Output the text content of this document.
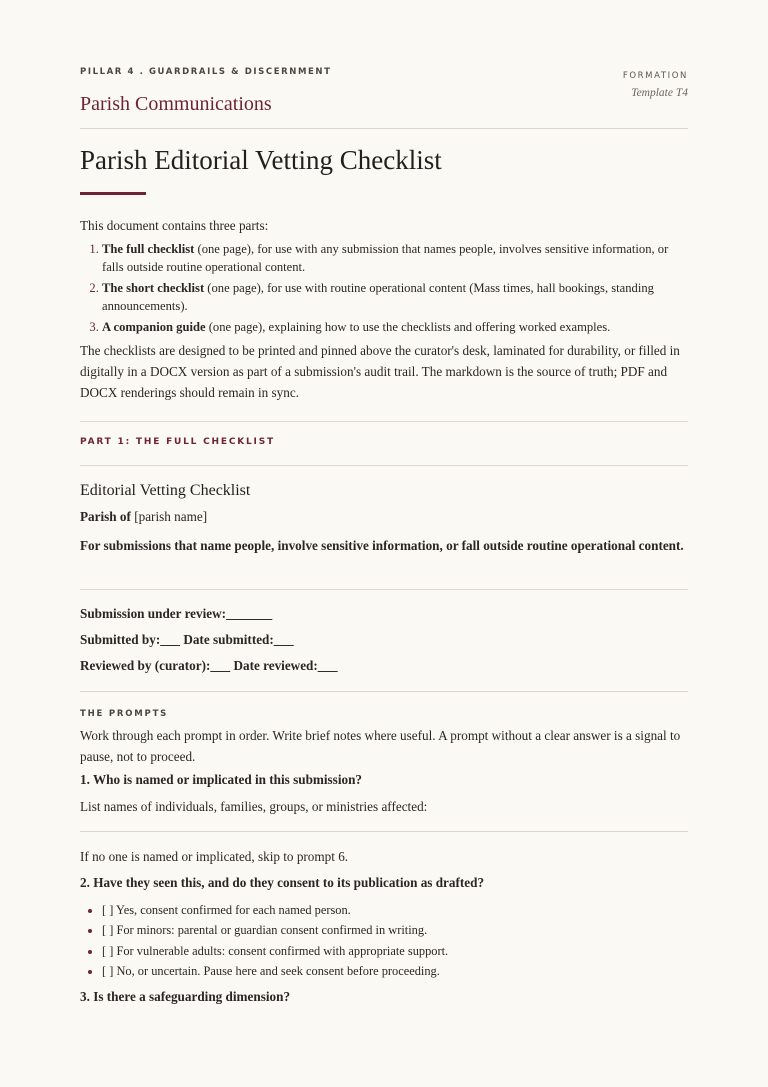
PILLAR 4 . GUARDRAILS & DISCERNMENT
Parish Communications
FORMATION
Template T4
Parish Editorial Vetting Checklist
This document contains three parts:
1. The full checklist (one page), for use with any submission that names people, involves sensitive information, or falls outside routine operational content.
2. The short checklist (one page), for use with routine operational content (Mass times, hall bookings, standing announcements).
3. A companion guide (one page), explaining how to use the checklists and offering worked examples.
The checklists are designed to be printed and pinned above the curator's desk, laminated for durability, or filled in digitally in a DOCX version as part of a submission's audit trail. The markdown is the source of truth; PDF and DOCX renderings should remain in sync.
PART 1: THE FULL CHECKLIST
Editorial Vetting Checklist
Parish of [parish name]
For submissions that name people, involve sensitive information, or fall outside routine operational content.
Submission under review:_______
Submitted by:___ Date submitted:___
Reviewed by (curator):___ Date reviewed:___
THE PROMPTS
Work through each prompt in order. Write brief notes where useful. A prompt without a clear answer is a signal to pause, not to proceed.
1. Who is named or implicated in this submission?
List names of individuals, families, groups, or ministries affected:
If no one is named or implicated, skip to prompt 6.
2. Have they seen this, and do they consent to its publication as drafted?
• [ ] Yes, consent confirmed for each named person.
• [ ] For minors: parental or guardian consent confirmed in writing.
• [ ] For vulnerable adults: consent confirmed with appropriate support.
• [ ] No, or uncertain. Pause here and seek consent before proceeding.
3. Is there a safeguarding dimension?
